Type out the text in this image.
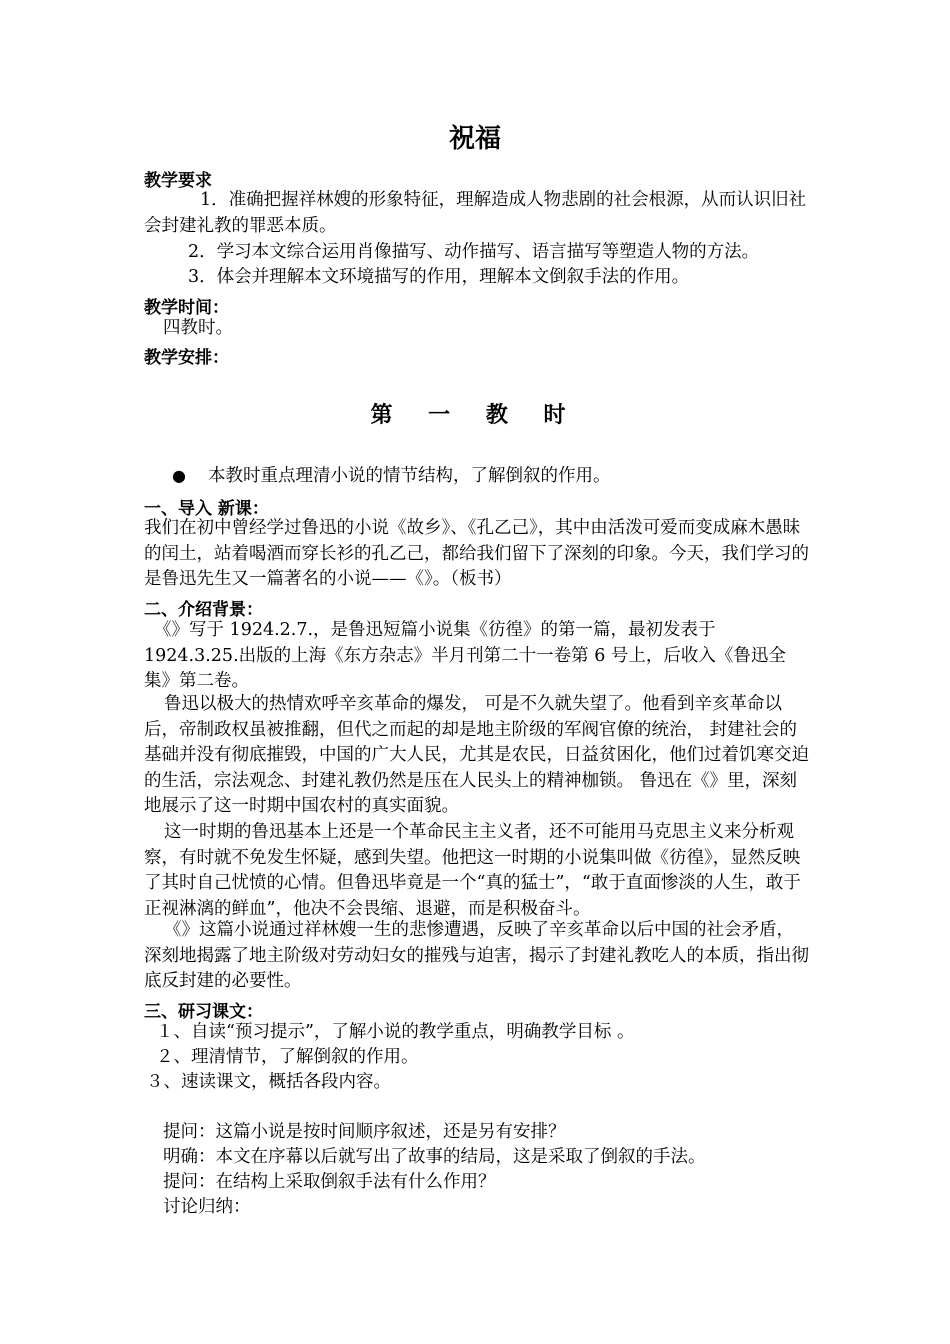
祝福
教学要求
1．准确把握祥林嫂的形象特征，理解造成人物悲剧的社会根源，从而认识旧社会封建礼教的罪恶本质。
2．学习本文综合运用肖像描写、动作描写、语言描写等塑造人物的方法。
3．体会并理解本文环境描写的作用，理解本文倒叙手法的作用。
教学时间：
四教时。
教学安排：
第 一 教 时
● 本教时重点理清小说的情节结构，了解倒叙的作用。
一、导入 新课：
我们在初中曾经学过鲁迅的小说《故乡》、《孔乙己》，其中由活泼可爱而变成麻木愚昧的闰土，站着喝酒而穿长衫的孔乙己，都给我们留下了深刻的印象。今天，我们学习的是鲁迅先生又一篇著名的小说——《》。（板书）
二、介绍背景：
《》写于 1924.2.7.，是鲁迅短篇小说集《彷徨》的第一篇，最初发表于 1924.3.25.出版的上海《东方杂志》半月刊第二十一卷第 6 号上，后收入《鲁迅全集》第二卷。
鲁迅以极大的热情欢呼辛亥革命的爆发， 可是不久就失望了。他看到辛亥革命以后，帝制政权虽被推翻，但代之而起的却是地主阶级的军阀官僚的统治， 封建社会的基础并没有彻底摧毁，中国的广大人民，尤其是农民，日益贫困化，他们过着饥寒交迫的生活，宗法观念、封建礼教仍然是压在人民头上的精神枷锁。 鲁迅在《》里，深刻地展示了这一时期中国农村的真实面貌。
这一时期的鲁迅基本上还是一个革命民主主义者，还不可能用马克思主义来分析观察，有时就不免发生怀疑，感到失望。他把这一时期的小说集叫做《彷徨》，显然反映了其时自己忧愤的心情。但鲁迅毕竟是一个“真的猛士”，“敢于直面惨淡的人生，敢于正视淋漓的鲜血”，他决不会畏缩、退避，而是积极奋斗。
《》这篇小说通过祥林嫂一生的悲惨遭遇，反映了辛亥革命以后中国的社会矛盾，深刻地揭露了地主阶级对劳动妇女的摧残与迫害，揭示了封建礼教吃人的本质，指出彻底反封建的必要性。
三、研习课文：
１、自读“预习提示”，了解小说的教学重点，明确教学目标 。
２、理清情节，了解倒叙的作用。
３、速读课文，概括各段内容。
提问：这篇小说是按时间顺序叙述，还是另有安排？
明确：本文在序幕以后就写出了故事的结局，这是采取了倒叙的手法。
提问：在结构上采取倒叙手法有什么作用？
讨论归纳：
